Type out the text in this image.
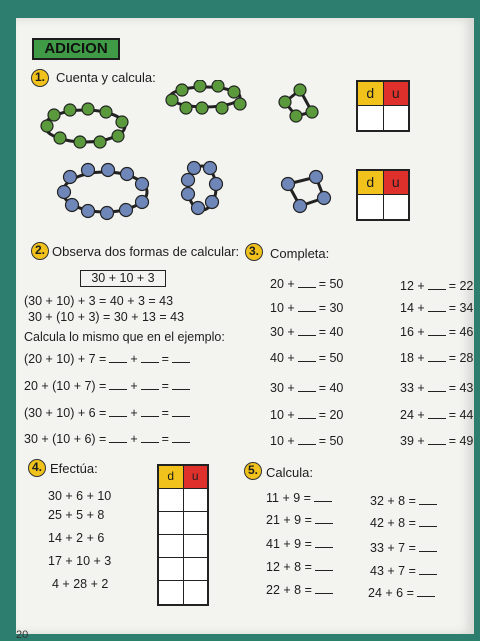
ADICION
1. Cuenta y calcula:
d	u
d	u
2. Observa dos formas de calcular:
30 + 10 + 3
(30 + 10) + 3 = 40 + 3 = 43
30 + (10 + 3) = 30 + 13 = 43
Calcula lo mismo que en el ejemplo:
(20 + 10) + 7 = + =
20 + (10 + 7) = + =
(30 + 10) + 6 = + =
30 + (10 + 6) = + =
3. Completa:
20 + = 50
10 + = 30
30 + = 40
40 + = 50
30 + = 40
10 + = 20
10 + = 50
12 + = 22
14 + = 34
16 + = 46
18 + = 28
33 + = 43
24 + = 44
39 + = 49
4. Efectúa:
30 + 6 + 10
25 + 5 + 8
14 + 2 + 6
17 + 10 + 3
4 + 28 + 2
d	u	5. Calcula:
11 + 9 =
21 + 9 =
41 + 9 =
12 + 8 =
22 + 8 =
32 + 8 =
42 + 8 =
33 + 7 =
43 + 7 =
24 + 6 =
20
